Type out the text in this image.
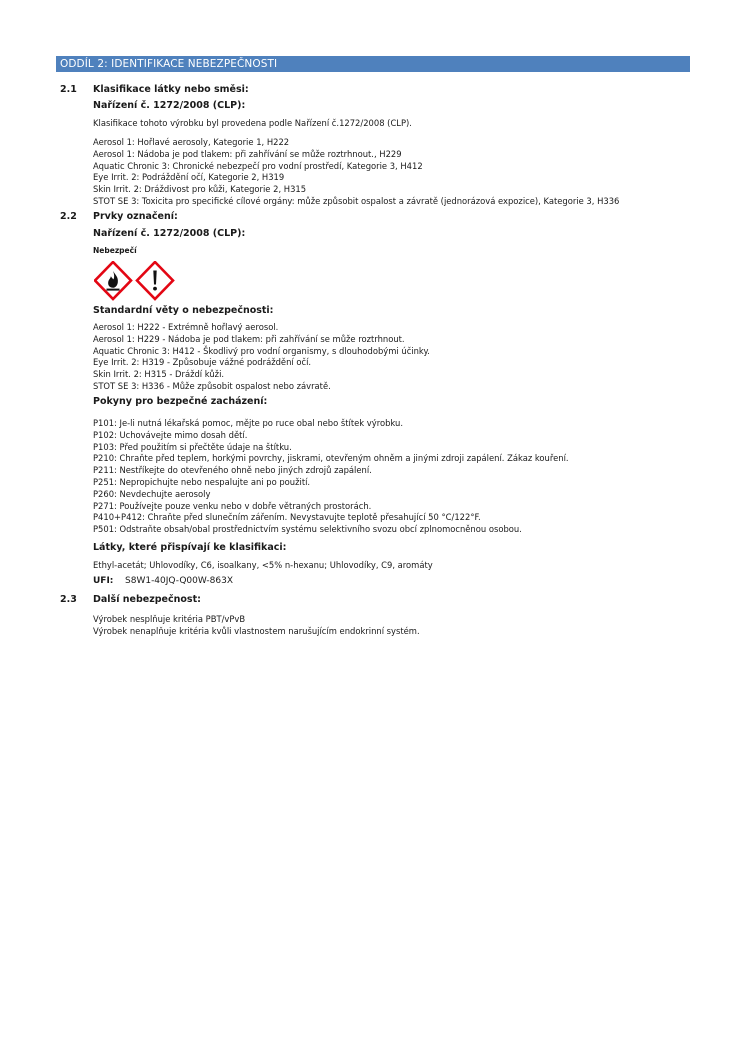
ODDÍL 2: IDENTIFIKACE NEBEZPEČNOSTI
2.1 Klasifikace látky nebo směsi:
Nařízení č. 1272/2008 (CLP):
Klasifikace tohoto výrobku byl provedena podle Nařízení č.1272/2008 (CLP).
Aerosol 1: Hořlavé aerosoly, Kategorie 1, H222
Aerosol 1: Nádoba je pod tlakem: při zahřívání se může roztrhnout., H229
Aquatic Chronic 3: Chronické nebezpečí pro vodní prostředí, Kategorie 3, H412
Eye Irrit. 2: Podráždění očí, Kategorie 2, H319
Skin Irrit. 2: Dráždivost pro kůži, Kategorie 2, H315
STOT SE 3: Toxicita pro specifické cílové orgány: může způsobit ospalost a závratě (jednorázová expozice), Kategorie 3, H336
2.2 Prvky označení:
Nařízení č. 1272/2008 (CLP):
Nebezpečí
Standardní věty o nebezpečnosti:
Aerosol 1: H222 - Extrémně hořlavý aerosol.
Aerosol 1: H229 - Nádoba je pod tlakem: při zahřívání se může roztrhnout.
Aquatic Chronic 3: H412 - Škodlivý pro vodní organismy, s dlouhodobými účinky.
Eye Irrit. 2: H319 - Způsobuje vážné podráždění očí.
Skin Irrit. 2: H315 - Dráždí kůži.
STOT SE 3: H336 - Může způsobit ospalost nebo závratě.
Pokyny pro bezpečné zacházení:
P101: Je-li nutná lékařská pomoc, mějte po ruce obal nebo štítek výrobku.
P102: Uchovávejte mimo dosah dětí.
P103: Před použitím si přečtěte údaje na štítku.
P210: Chraňte před teplem, horkými povrchy, jiskrami, otevřeným ohněm a jinými zdroji zapálení. Zákaz kouření.
P211: Nestříkejte do otevřeného ohně nebo jiných zdrojů zapálení.
P251: Nepropichujte nebo nespalujte ani po použití.
P260: Nevdechujte aerosoly
P271: Používejte pouze venku nebo v dobře větraných prostorách.
P410+P412: Chraňte před slunečním zářením. Nevystavujte teplotě přesahující 50 °C/122°F.
P501: Odstraňte obsah/obal prostřednictvím systému selektivního svozu obcí zplnomocněnou osobou.
Látky, které přispívají ke klasifikaci:
Ethyl-acetát; Uhlovodíky, C6, isoalkany, <5% n-hexanu; Uhlovodíky, C9, aromáty
UFI: S8W1-40JQ-Q00W-863X
2.3 Další nebezpečnost:
Výrobek nesplňuje kritéria PBT/vPvB
Výrobek nenaplňuje kritéria kvůli vlastnostem narušujícím endokrinní systém.
